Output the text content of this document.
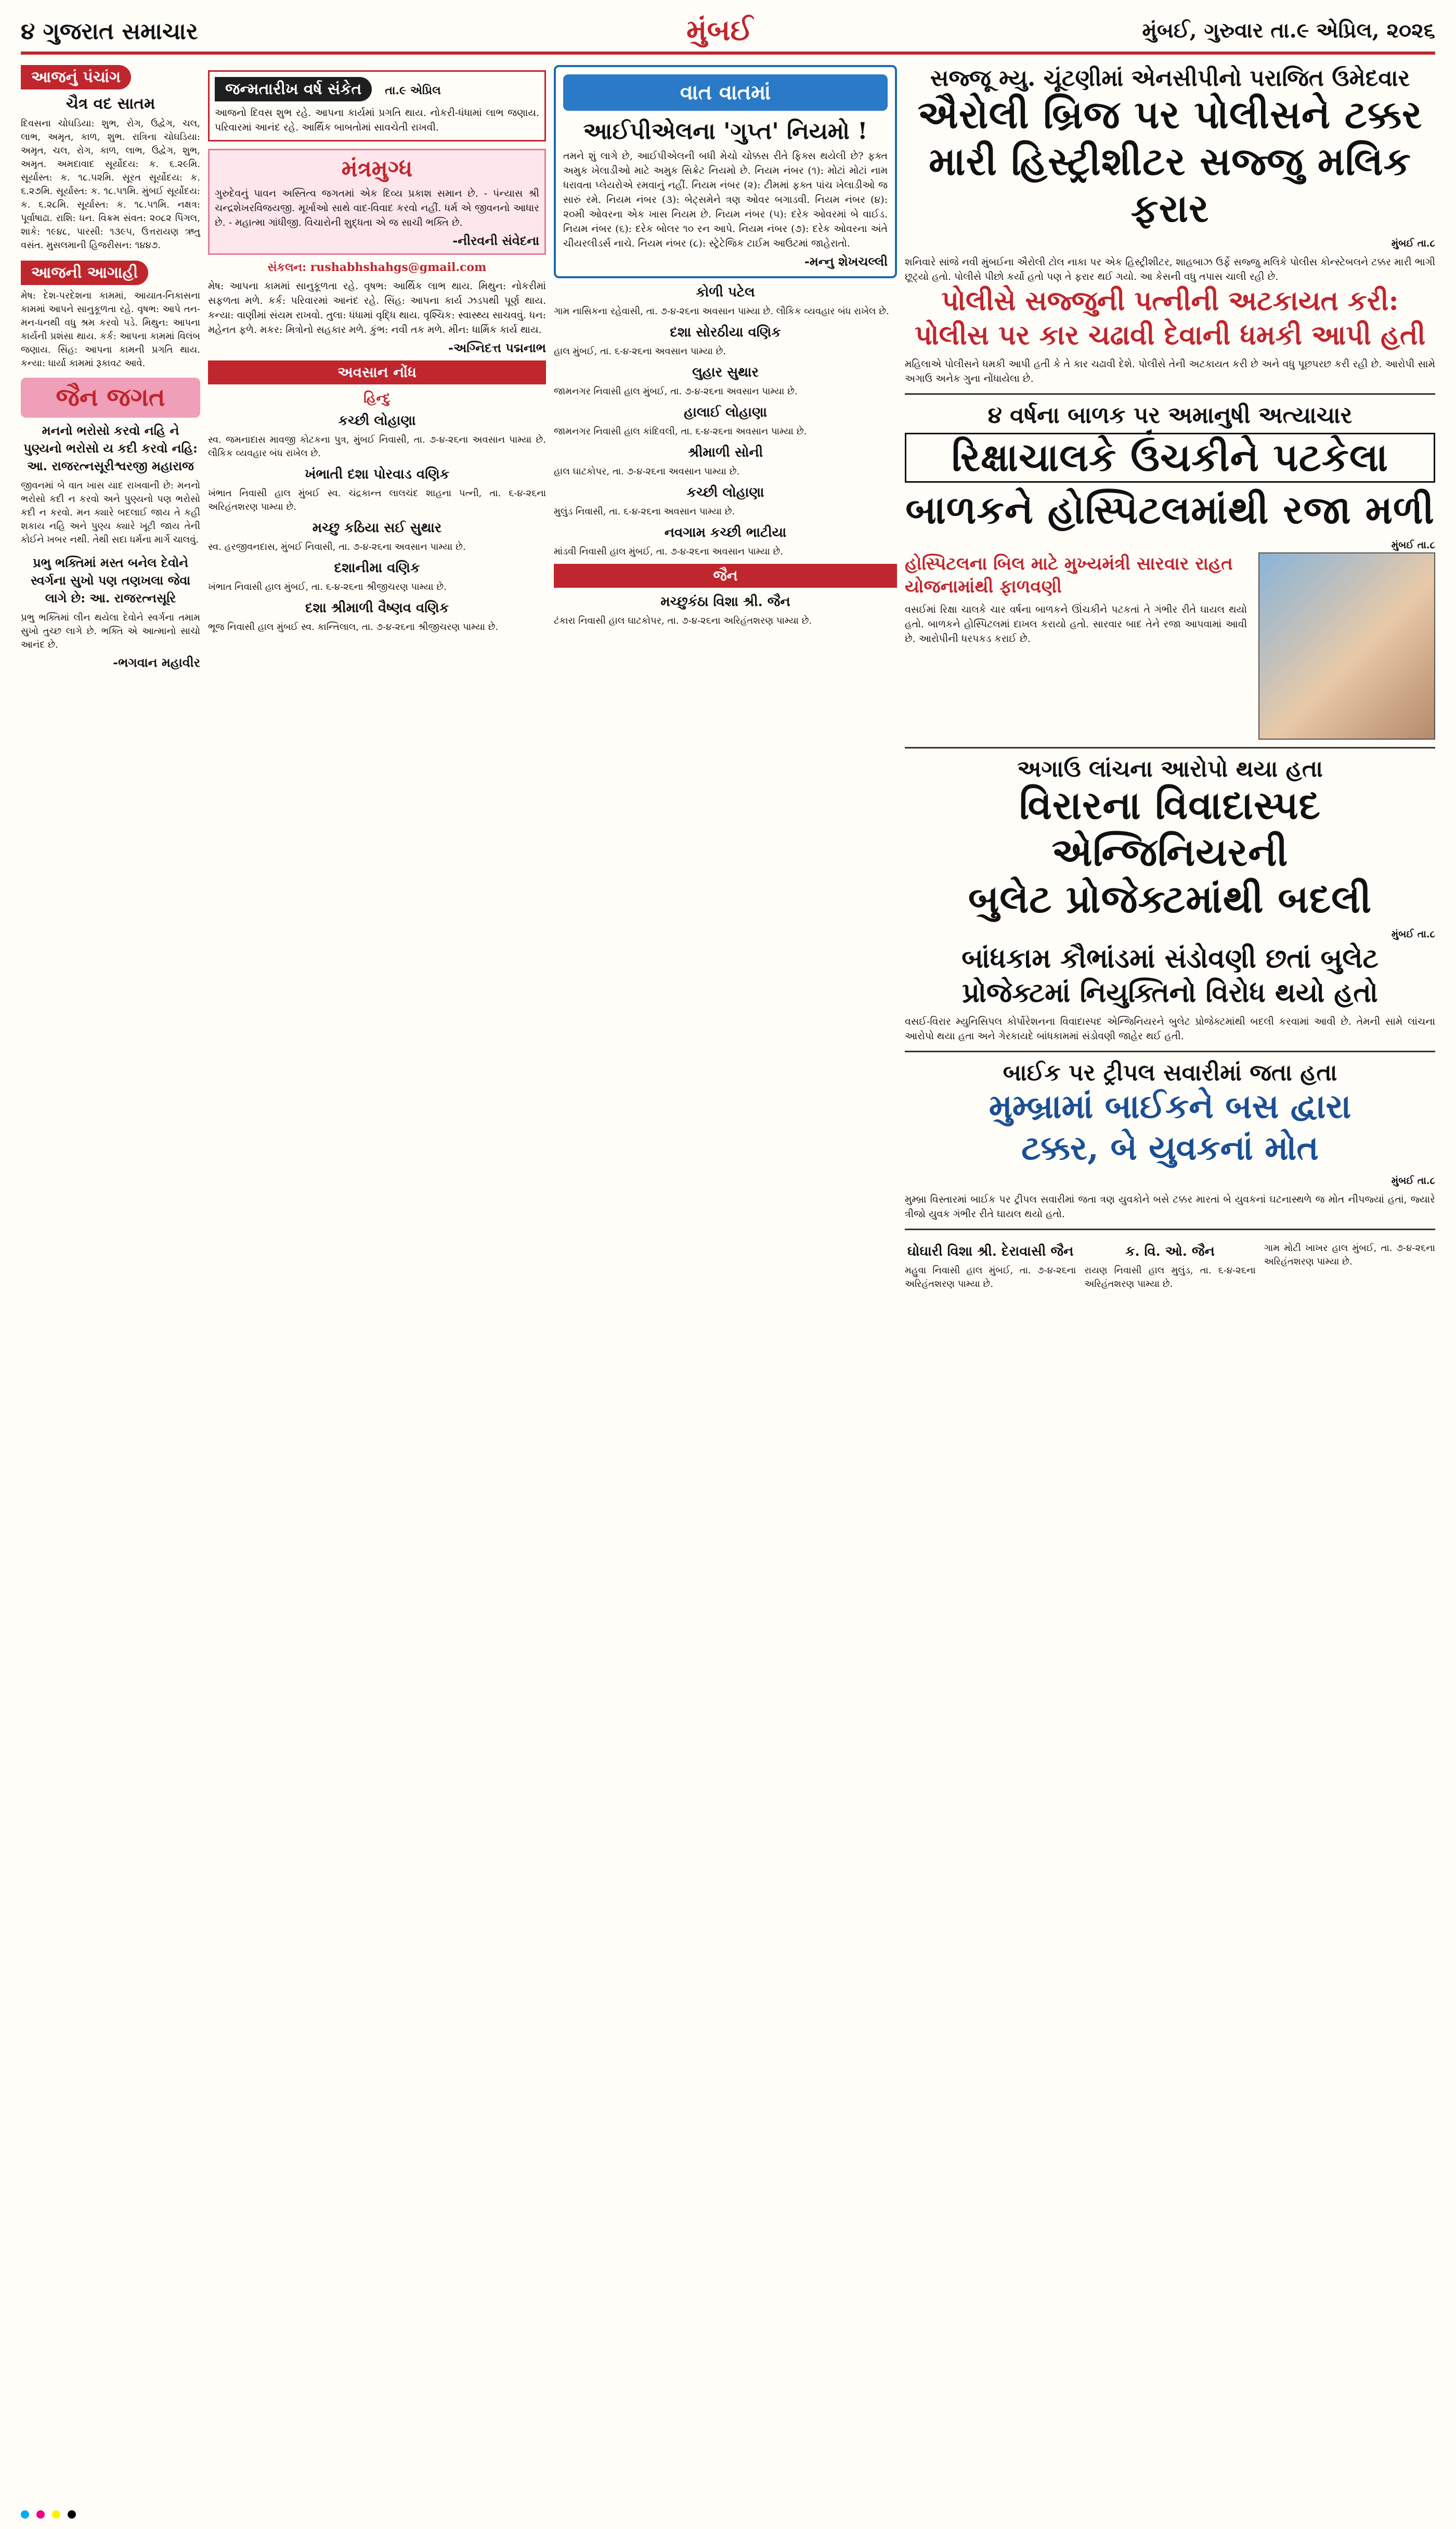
૪ ગુજરાત સમાચાર	મુંબઈ	મુંબઈ, ગુરુવાર તા.૯ એપ્રિલ, ૨૦૨૬
આજનું પંચાંગ
ચૈત્ર વદ સાતમ
દિવસના ચોઘડિયા: શુભ, રોગ, ઉદ્વેગ, ચલ, લાભ, અમૃત, કાળ, શુભ. રાત્રિના ચોઘડિયા: અમૃત, ચલ, રોગ, કાળ, લાભ, ઉદ્વેગ, શુભ, અમૃત. અમદાવાદ સૂર્યોદય: ક. ૬.૨૯મિ. સૂર્યાસ્ત: ક. ૧૮.૫૨મિ. સૂરત સૂર્યોદય: ક. ૬.૨૭મિ. સૂર્યાસ્ત: ક. ૧૮.૫૧મિ. મુંબઈ સૂર્યોદય: ક. ૬.૨૮મિ. સૂર્યાસ્ત: ક. ૧૮.૫૧મિ. નક્ષત્ર: પૂર્વાષાઢા. રાશિ: ધન. વિક્રમ સંવત: ૨૦૮૨ પિંગલ, શાકે: ૧૯૪૮, પારસી: ૧૩૯૫, ઉત્તરાયણ ઋતુ વસંત. મુસલમાની હિજરીસન: ૧૪૪૭.
આજની આગાહી
મેષ: દેશ-પરદેશના કામમાં, આયાત-નિકાસના કામમાં આપને સાનુકૂળતા રહે. વૃષભ: આપે તન-મન-ધનથી વધુ શ્રમ કરવો પડે. મિથુન: આપના કાર્યની પ્રશંસા થાય. કર્ક: આપના કામમાં વિલંબ જણાય. સિંહ: આપના કામની પ્રગતિ થાય. કન્યા: ધાર્યા કામમાં રૂકાવટ આવે.
જૈન જગત
મનનો ભરોસો કરવો નહિ ને પુણ્યનો ભરોસો ય કદી કરવો નહિ: આ. રાજરત્નસૂરીશ્વરજી મહારાજ
જીવનમાં બે વાત ખાસ યાદ રાખવાની છે: મનનો ભરોસો કદી ન કરવો અને પુણ્યનો પણ ભરોસો કદી ન કરવો. મન ક્યારે બદલાઈ જાય તે કહી શકાય નહિ અને પુણ્ય ક્યારે ખૂટી જાય તેની કોઈને ખબર નથી. તેથી સદા ધર્મના માર્ગે ચાલવું.
પ્રભુ ભક્તિમાં મસ્ત બનેલ દેવોને સ્વર્ગના સુખો પણ તણખલા જેવા લાગે છે: આ. રાજરત્નસૂરિ
પ્રભુ ભક્તિમાં લીન થયેલા દેવોને સ્વર્ગના તમામ સુખો તુચ્છ લાગે છે. ભક્તિ એ આત્માનો સાચો આનંદ છે.
-ભગવાન મહાવીર
જન્મતારીખ વર્ષ સંકેત તા.૯ એપ્રિલ
આજનો દિવસ શુભ રહે. આપના કાર્યમાં પ્રગતિ થાય. નોકરી-ધંધામાં લાભ જણાય. પરિવારમાં આનંદ રહે. આર્થિક બાબતોમાં સાવચેતી રાખવી.
મંત્રમુગ્ધ
ગુરુદેવનું પાવન અસ્તિત્વ જગતમાં એક દિવ્ય પ્રકાશ સમાન છે. - પંન્યાસ શ્રી ચન્દ્રશેખરવિજયજી. મૂર્ખાઓ સાથે વાદ-વિવાદ કરવો નહીં. ધર્મ એ જીવનનો આધાર છે. - મહાત્મા ગાંધીજી. વિચારોની શુદ્ધતા એ જ સાચી ભક્તિ છે.
-નીરવની સંવેદના
સંકલન: rushabhshahgs@gmail.com
મેષ: આપના કામમાં સાનુકૂળતા રહે. વૃષભ: આર્થિક લાભ થાય. મિથુન: નોકરીમાં સફળતા મળે. કર્ક: પરિવારમાં આનંદ રહે. સિંહ: આપના કાર્ય ઝડપથી પૂર્ણ થાય. કન્યા: વાણીમાં સંયમ રાખવો. તુલા: ધંધામાં વૃદ્ધિ થાય. વૃશ્ચિક: સ્વાસ્થ્ય સાચવવું. ધન: મહેનત ફળે. મકર: મિત્રોનો સહકાર મળે. કુંભ: નવી તક મળે. મીન: ધાર્મિક કાર્ય થાય.
-અગ્નિદત્ત પદ્મનાભ
અવસાન નોંધ
હિન્દુ
કચ્છી લોહાણા
સ્વ. જમનાદાસ માવજી કોટકના પુત્ર, મુંબઈ નિવાસી, તા. ૭-૪-૨૬ના અવસાન પામ્યા છે. લૌકિક વ્યવહાર બંધ રાખેલ છે.
ખંભાતી દશા પોરવાડ વણિક
ખંભાત નિવાસી હાલ મુંબઈ સ્વ. ચંદ્રકાન્ત લાલચંદ શાહના પત્ની, તા. ૬-૪-૨૬ના અરિહંતશરણ પામ્યા છે.
મચ્છુ કઠિયા સઈ સુથાર
સ્વ. હરજીવનદાસ, મુંબઈ નિવાસી, તા. ૭-૪-૨૬ના અવસાન પામ્યા છે.
દશાનીમા વણિક
ખંભાત નિવાસી હાલ મુંબઈ, તા. ૬-૪-૨૬ના શ્રીજીચરણ પામ્યા છે.
દશા શ્રીમાળી વૈષ્ણવ વણિક
ભૂજ નિવાસી હાલ મુંબઈ સ્વ. કાન્તિલાલ, તા. ૭-૪-૨૬ના શ્રીજીચરણ પામ્યા છે.
વાત વાતમાં
આઈપીએલના 'ગુપ્ત' નિયમો !
તમને શું લાગે છે, આઈપીએલની બધી મેચો ચોક્કસ રીતે ફિક્સ થયેલી છે? ફક્ત અમુક ખેલાડીઓ માટે અમુક સિક્રેટ નિયમો છે. નિયમ નંબર (૧): મોટાં મોટાં નામ ધરાવતા પ્લેયરોએ રમવાનું નહીં. નિયમ નંબર (૨): ટીમમાં ફક્ત પાંચ ખેલાડીઓ જ સારું રમે. નિયમ નંબર (૩): બેટ્સમેને ત્રણ ઓવર બગાડવી. નિયમ નંબર (૪): ૨૦મી ઓવરના એક ખાસ નિયમ છે. નિયમ નંબર (૫): દરેક ઓવરમાં બે વાઈડ. નિયમ નંબર (૬): દરેક બોલર ૧૦ રન આપે. નિયમ નંબર (૭): દરેક ઓવરના અંતે ચીયરલીડર્સ નાચે. નિયમ નંબર (૮): સ્ટ્રેટેજિક ટાઈમ આઉટમાં જાહેરાતો.
-મન્નુ શેખચલ્લી
કોળી પટેલ
ગામ નાસિકના રહેવાસી, તા. ૭-૪-૨૬ના અવસાન પામ્યા છે. લૌકિક વ્યવહાર બંધ રાખેલ છે.
દશા સોરઠીયા વણિક
હાલ મુંબઈ, તા. ૬-૪-૨૬ના અવસાન પામ્યા છે.
લુહાર સુથાર
જામનગર નિવાસી હાલ મુંબઈ, તા. ૭-૪-૨૬ના અવસાન પામ્યા છે.
હાલાઈ લોહાણા
જામનગર નિવાસી હાલ કાંદિવલી, તા. ૬-૪-૨૬ના અવસાન પામ્યા છે.
શ્રીમાળી સોની
હાલ ઘાટકોપર, તા. ૭-૪-૨૬ના અવસાન પામ્યા છે.
કચ્છી લોહાણા
મુલુંડ નિવાસી, તા. ૬-૪-૨૬ના અવસાન પામ્યા છે.
નવગામ કચ્છી ભાટીયા
માંડવી નિવાસી હાલ મુંબઈ, તા. ૭-૪-૨૬ના અવસાન પામ્યા છે.
જૈન
મચ્છુકંઠા વિશા શ્રી. જૈન
ટંકારા નિવાસી હાલ ઘાટકોપર, તા. ૭-૪-૨૬ના અરિહંતશરણ પામ્યા છે.
સજ્જૂ મ્યુ. ચૂંટણીમાં એનસીપીનો પરાજિત ઉમેદવાર
ઐરોલી બ્રિજ પર પોલીસને ટક્કર
મારી હિસ્ટ્રીશીટર સજ્જુ મલિક ફરાર
મુંબઈ તા.૮
શનિવારે સાંજે નવી મુંબઈના ઐરોલી ટોલ નાકા પર એક હિસ્ટ્રીશીટર, શાહબાઝ ઉર્ફે સજ્જુ મલિકે પોલીસ કોન્સ્ટેબલને ટક્કર મારી ભાગી છૂટ્યો હતો. પોલીસે પીછો કર્યો હતો પણ તે ફરાર થઈ ગયો. આ કેસની વધુ તપાસ ચાલી રહી છે.
પોલીસે સજ્જુની પત્નીની અટકાયત કરી: પોલીસ પર કાર ચઢાવી દેવાની ધમકી આપી હતી
મહિલાએ પોલીસને ધમકી આપી હતી કે તે કાર ચઢાવી દેશે. પોલીસે તેની અટકાયત કરી છે અને વધુ પૂછપરછ કરી રહી છે. આરોપી સામે અગાઉ અનેક ગુના નોંધાયેલા છે.
૪ વર્ષના બાળક પર અમાનુષી અત્યાચાર
રિક્ષાચાલકે ઉંચકીને પટકેલા
બાળકને હોસ્પિટલમાંથી રજા મળી
મુંબઈ તા.૮
હોસ્પિટલના બિલ માટે મુખ્યમંત્રી સારવાર રાહત યોજનામાંથી ફાળવણી
વસઈમાં રિક્ષા ચાલકે ચાર વર્ષના બાળકને ઊંચકીને પટકતાં તે ગંભીર રીતે ઘાયલ થયો હતો. બાળકને હોસ્પિટલમાં દાખલ કરાયો હતો. સારવાર બાદ તેને રજા આપવામાં આવી છે. આરોપીની ધરપકડ કરાઈ છે.
અગાઉ લાંચના આરોપો થયા હતા
વિરારના વિવાદાસ્પદ એન્જિનિયરની
બુલેટ પ્રોજેક્ટમાંથી બદલી
મુંબઈ તા.૮
બાંધકામ કૌભાંડમાં સંડોવણી છતાં બુલેટ પ્રોજેક્ટમાં નિયુક્તિનો વિરોધ થયો હતો
વસઈ-વિરાર મ્યુનિસિપલ કોર્પોરેશનના વિવાદાસ્પદ એન્જિનિયરને બુલેટ પ્રોજેક્ટમાંથી બદલી કરવામાં આવી છે. તેમની સામે લાંચના આરોપો થયા હતા અને ગેરકાયદે બાંધકામમાં સંડોવણી જાહેર થઈ હતી.
બાઈક પર ટ્રીપલ સવારીમાં જતા હતા
મુમ્બ્રામાં બાઈકને બસ દ્વારા
ટક્કર, બે યુવકનાં મોત
મુંબઈ તા.૮
મુમ્બ્રા વિસ્તારમાં બાઈક પર ટ્રીપલ સવારીમાં જતા ત્રણ યુવકોને બસે ટક્કર મારતાં બે યુવકનાં ઘટનાસ્થળે જ મોત નીપજ્યાં હતાં, જ્યારે ત્રીજો યુવક ગંભીર રીતે ઘાયલ થયો હતો.
ઘોઘારી વિશા શ્રી. દેરાવાસી જૈન
મહુવા નિવાસી હાલ મુંબઈ, તા. ૭-૪-૨૬ના અરિહંતશરણ પામ્યા છે.
ક. વિ. ઓ. જૈન
રાયણ નિવાસી હાલ મુલુંડ, તા. ૬-૪-૨૬ના અરિહંતશરણ પામ્યા છે.
ગામ મોટી ખાખર હાલ મુંબઈ, તા. ૭-૪-૨૬ના અરિહંતશરણ પામ્યા છે.
